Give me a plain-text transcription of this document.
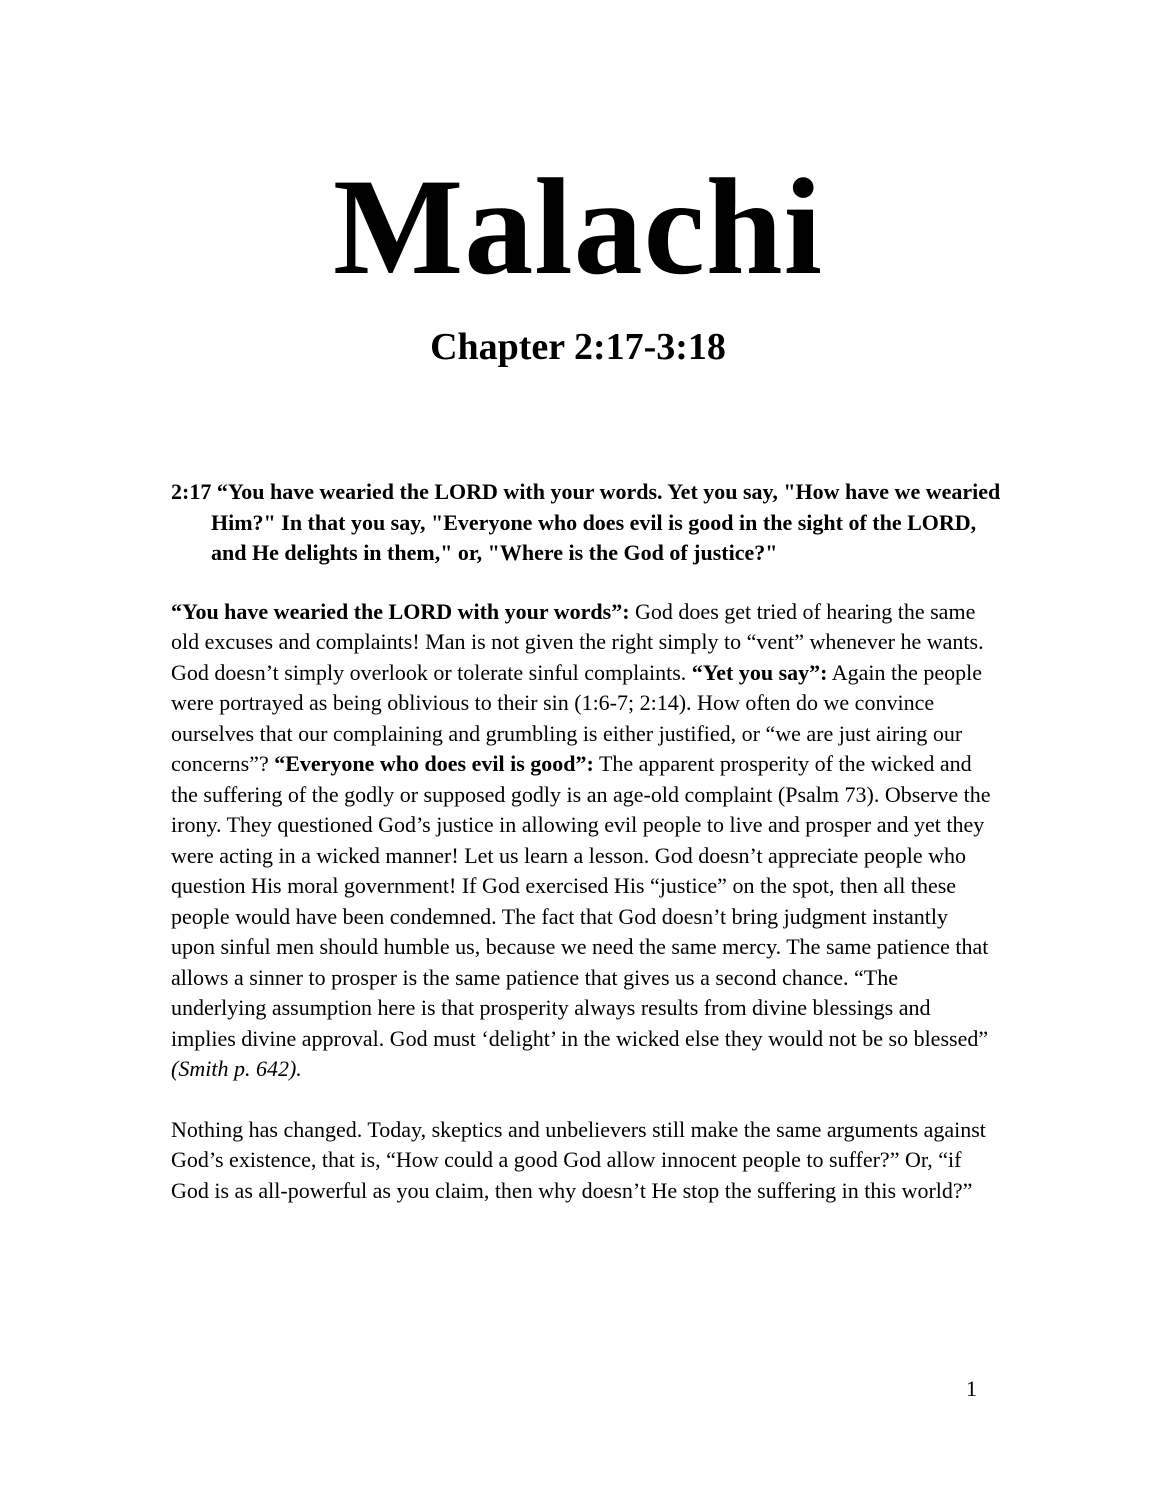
Malachi
Chapter 2:17-3:18

2:17 “You have wearied the LORD with your words. Yet you say, "How have we wearied Him?" In that you say, "Everyone who does evil is good in the sight of the LORD, and He delights in them," or, "Where is the God of justice?"

“You have wearied the LORD with your words”: God does get tried of hearing the same old excuses and complaints! Man is not given the right simply to “vent” whenever he wants. God doesn’t simply overlook or tolerate sinful complaints. “Yet you say”: Again the people were portrayed as being oblivious to their sin (1:6-7; 2:14). How often do we convince ourselves that our complaining and grumbling is either justified, or “we are just airing our concerns”? “Everyone who does evil is good”: The apparent prosperity of the wicked and the suffering of the godly or supposed godly is an age-old complaint (Psalm 73). Observe the irony. They questioned God’s justice in allowing evil people to live and prosper and yet they were acting in a wicked manner! Let us learn a lesson. God doesn’t appreciate people who question His moral government! If God exercised His “justice” on the spot, then all these people would have been condemned. The fact that God doesn’t bring judgment instantly upon sinful men should humble us, because we need the same mercy. The same patience that allows a sinner to prosper is the same patience that gives us a second chance. “The underlying assumption here is that prosperity always results from divine blessings and implies divine approval. God must ‘delight’ in the wicked else they would not be so blessed” (Smith p. 642).

Nothing has changed. Today, skeptics and unbelievers still make the same arguments against God’s existence, that is, “How could a good God allow innocent people to suffer?” Or, “if God is as all-powerful as you claim, then why doesn’t He stop the suffering in this world?”

1
